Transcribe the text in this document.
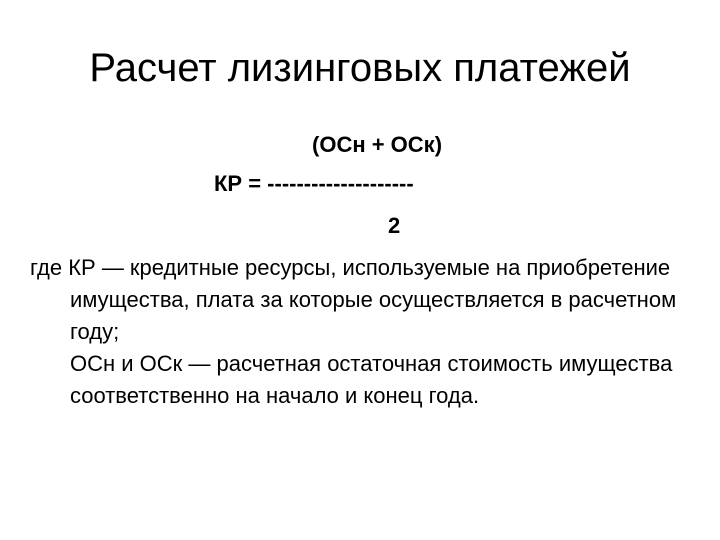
Расчет лизинговых платежей
(ОСн + ОСк)
КР = --------------------
2

где КР — кредитные ресурсы, используемые на приобретение имущества, плата за которые осуществляется в расчетном году;

ОСн и ОСк — расчетная остаточная стоимость имущества соответственно на начало и конец года.
